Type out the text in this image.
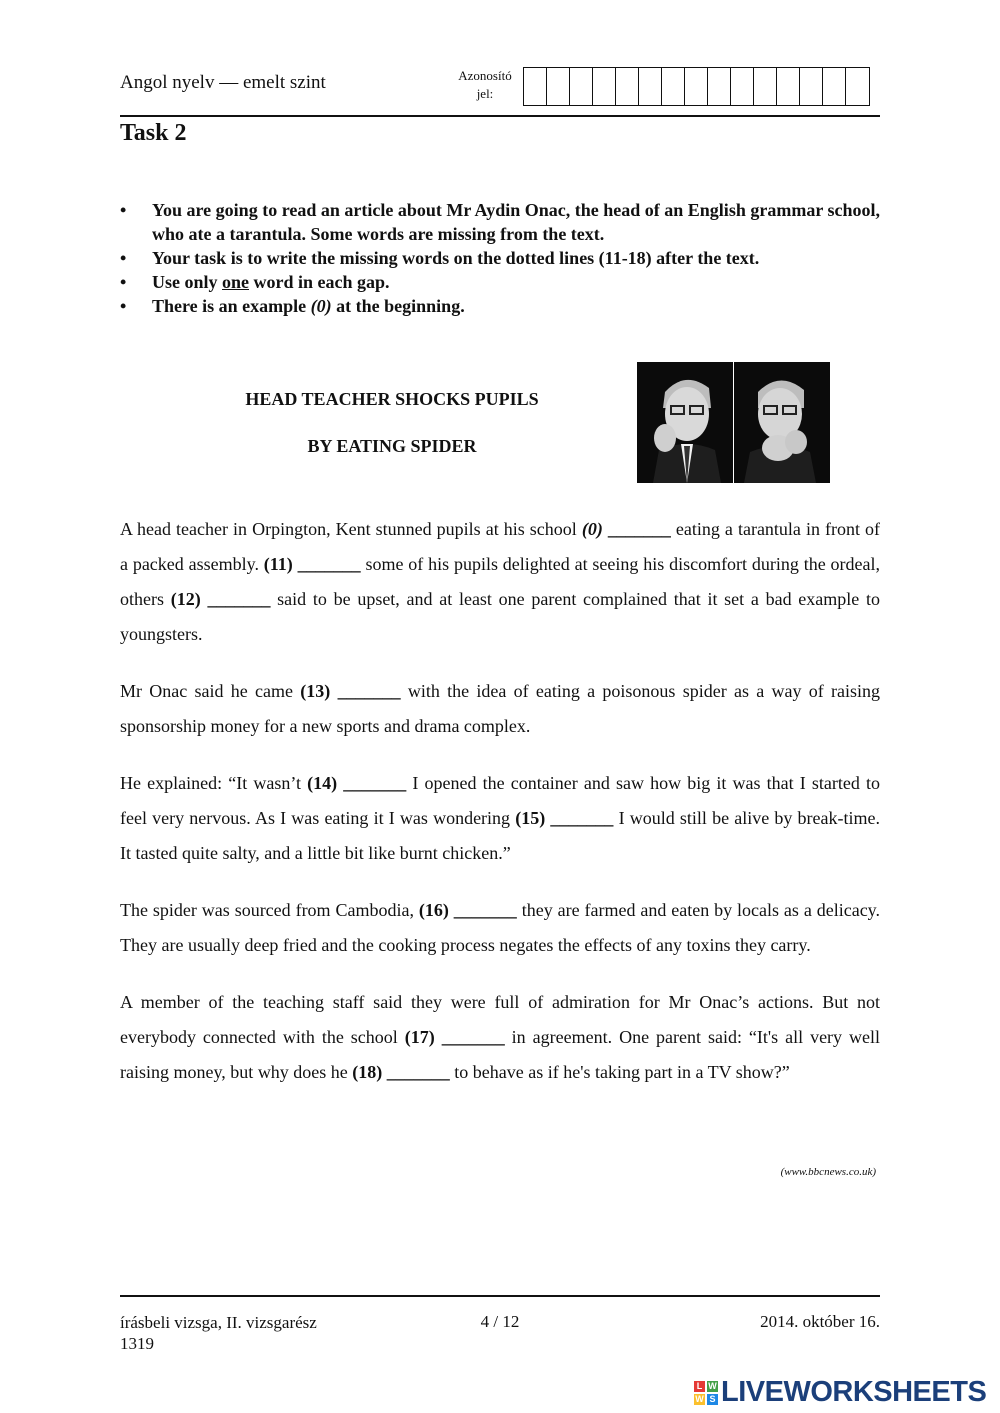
Angol nyelv — emelt szint	Azonosító
jel:
Task 2
• You are going to read an article about Mr Aydin Onac, the head of an English grammar school, who ate a tarantula. Some words are missing from the text.
• Your task is to write the missing words on the dotted lines (11-18) after the text.
• Use only one word in each gap.
• There is an example (0) at the beginning.
HEAD TEACHER SHOCKS PUPILS
BY EATING SPIDER

A head teacher in Orpington, Kent stunned pupils at his school (0) _______ eating a tarantula in front of a packed assembly. (11) _______ some of his pupils delighted at seeing his discomfort during the ordeal, others (12) _______ said to be upset, and at least one parent complained that it set a bad example to youngsters.

Mr Onac said he came (13) _______ with the idea of eating a poisonous spider as a way of raising sponsorship money for a new sports and drama complex.

He explained: “It wasn’t (14) _______ I opened the container and saw how big it was that I started to feel very nervous. As I was eating it I was wondering (15) _______ I would still be alive by break-time. It tasted quite salty, and a little bit like burnt chicken.”

The spider was sourced from Cambodia, (16) _______ they are farmed and eaten by locals as a delicacy. They are usually deep fried and the cooking process negates the effects of any toxins they carry.

A member of the teaching staff said they were full of admiration for Mr Onac’s actions. But not everybody connected with the school (17) _______ in agreement. One parent said: “It's all very well raising money, but why does he (18) _______ to behave as if he's taking part in a TV show?”

(www.bbcnews.co.uk)
írásbeli vizsga, II. vizsgarész
1319
4 / 12	2014. október 16.
L W
W S LIVEWORKSHEETS
